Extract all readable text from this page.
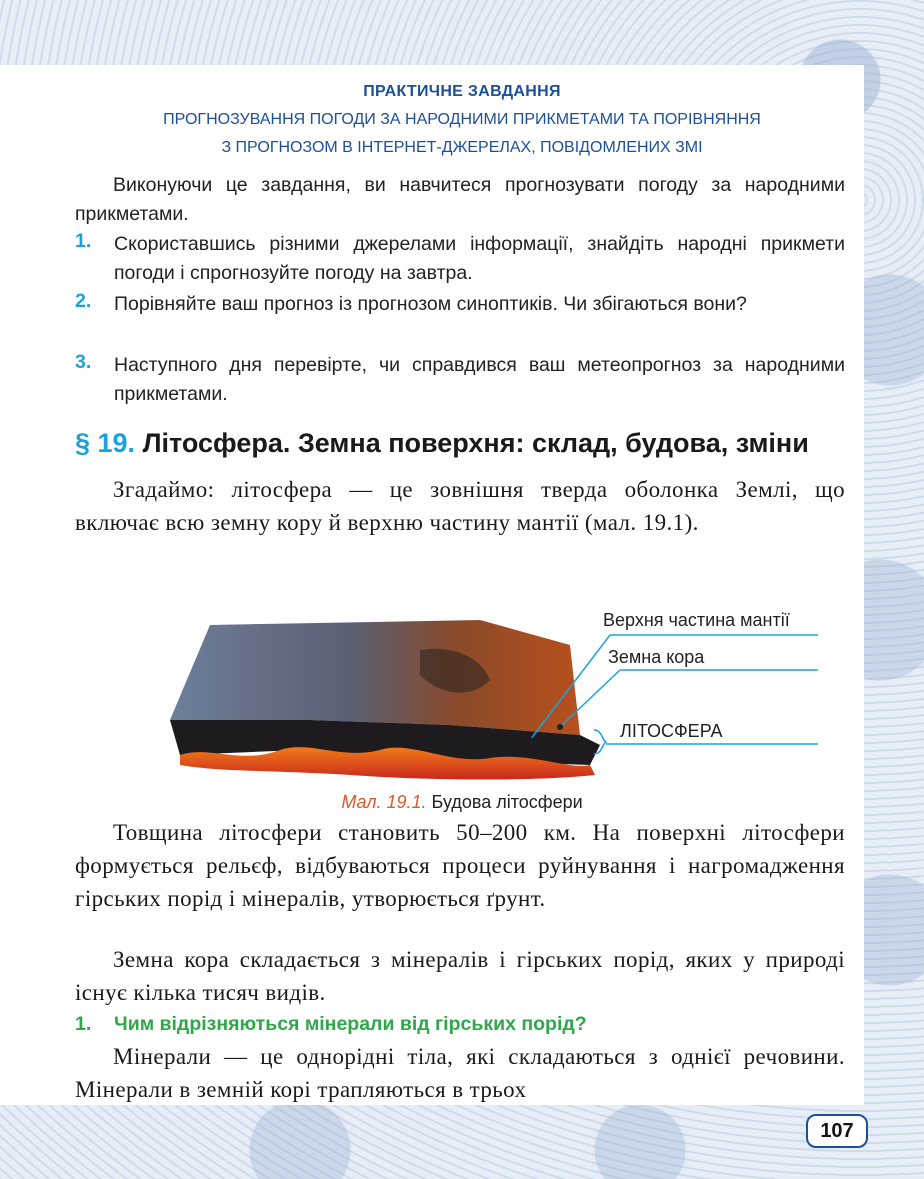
ПРАКТИЧНЕ ЗАВДАННЯ
ПРОГНОЗУВАННЯ ПОГОДИ ЗА НАРОДНИМИ ПРИКМЕТАМИ ТА ПОРІВНЯННЯ
З ПРОГНОЗОМ В ІНТЕРНЕТ-ДЖЕРЕЛАХ, ПОВІДОМЛЕНИХ ЗМІ
Виконуючи це завдання, ви навчитеся прогнозувати погоду за народними прикметами.
1. Скориставшись різними джерелами інформації, знайдіть народні прикмети погоди і спрогнозуйте погоду на завтра.
2. Порівняйте ваш прогноз із прогнозом синоптиків. Чи збігаються вони?
3. Наступного дня перевірте, чи справдився ваш метеопрогноз за народними прикметами.
§ 19. Літосфера. Земна поверхня: склад, будова, зміни
Згадаймо: літосфера — це зовнішня тверда оболонка Землі, що включає всю земну кору й верхню частину мантії (мал. 19.1).
Верхня частина мантії
Земна кора
ЛІТОСФЕРА
Мал. 19.1. Будова літосфери
Товщина літосфери становить 50–200 км. На поверхні літосфери формується рельєф, відбуваються процеси руйнування і нагромадження гірських порід і мінералів, утворюється ґрунт.
Земна кора складається з мінералів і гірських порід, яких у природі існує кілька тисяч видів.
1. Чим відрізняються мінерали від гірських порід?
Мінерали — це однорідні тіла, які складаються з однієї речовини. Мінерали в земній корі трапляються в трьох
107
